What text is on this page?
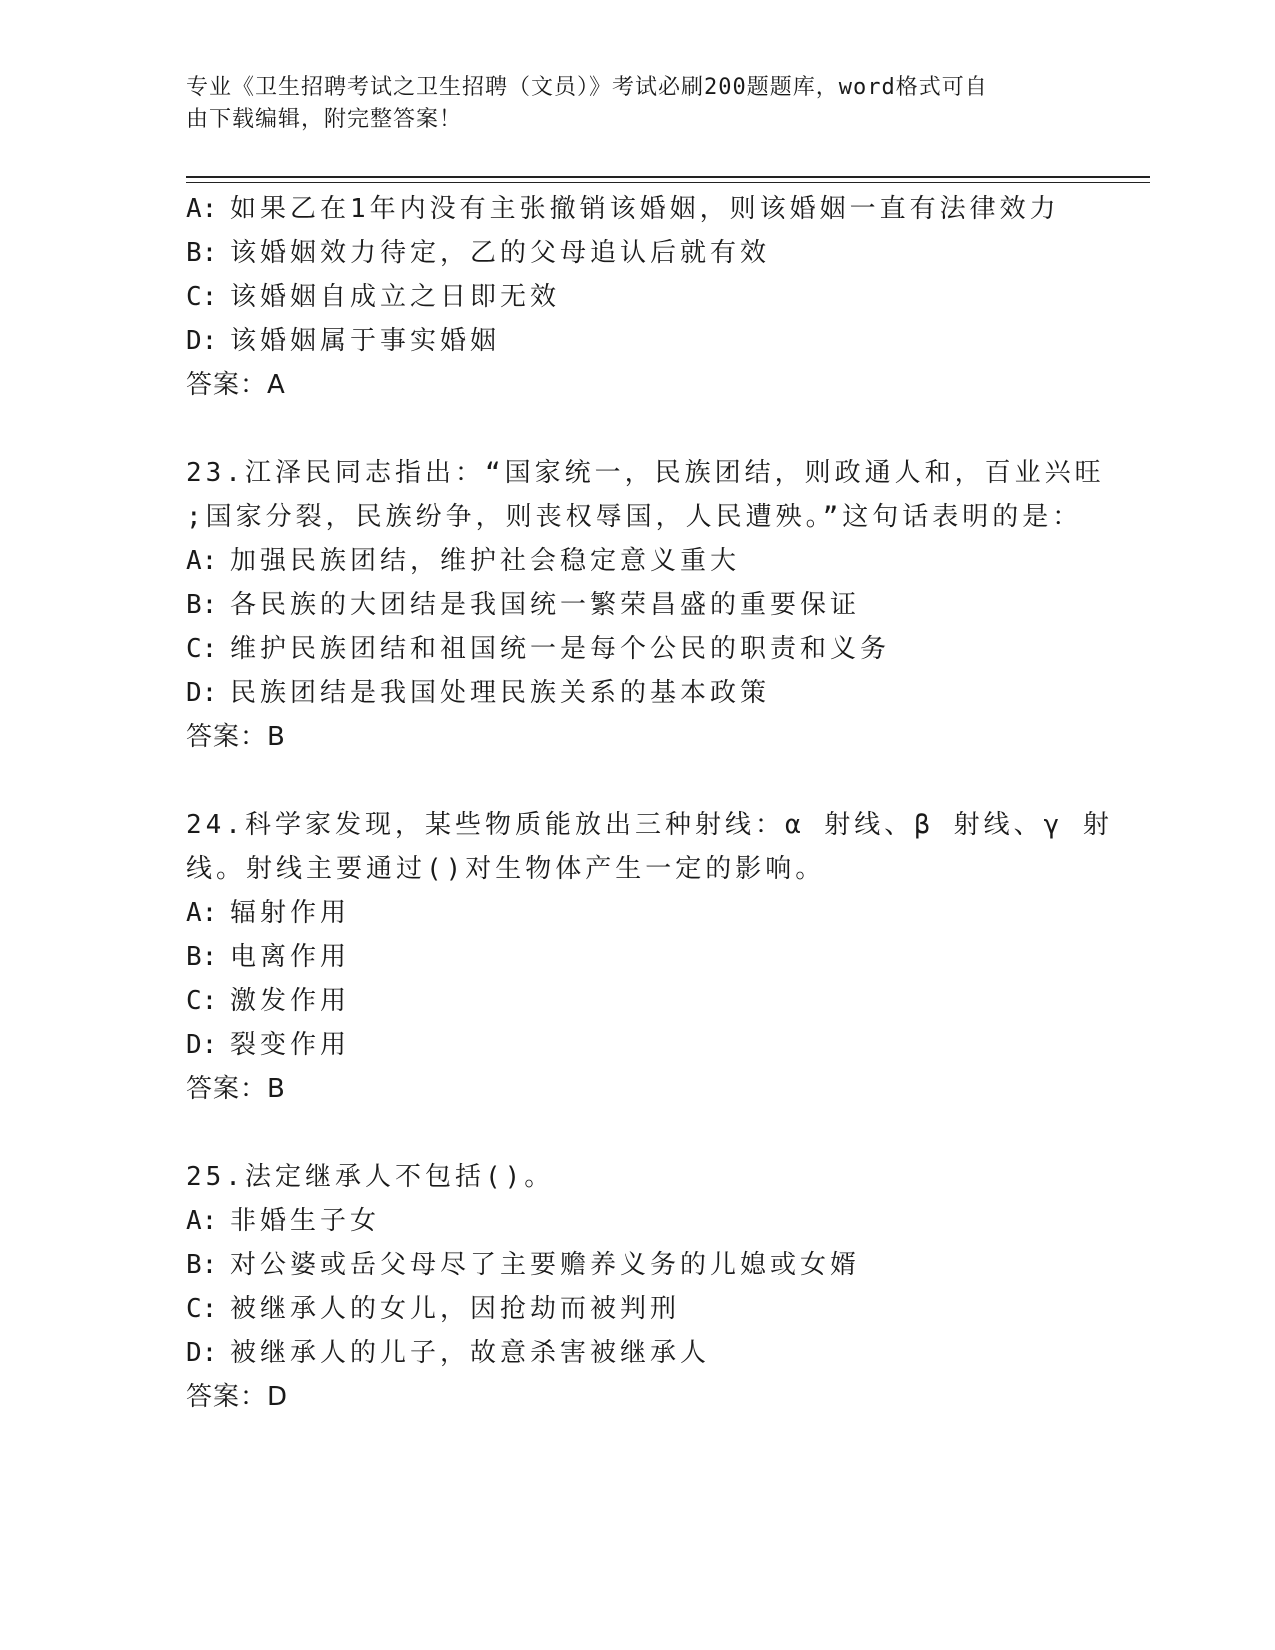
专业《卫生招聘考试之卫生招聘（文员）》考试必刷200题题库，word格式可自
由下载编辑，附完整答案！
A: 如果乙在1年内没有主张撤销该婚姻，则该婚姻一直有法律效力
B: 该婚姻效力待定，乙的父母追认后就有效
C: 该婚姻自成立之日即无效
D: 该婚姻属于事实婚姻
答案：A
23.江泽民同志指出：“国家统一，民族团结，则政通人和，百业兴旺
;国家分裂，民族纷争，则丧权辱国，人民遭殃。”这句话表明的是：
A: 加强民族团结，维护社会稳定意义重大
B: 各民族的大团结是我国统一繁荣昌盛的重要保证
C: 维护民族团结和祖国统一是每个公民的职责和义务
D: 民族团结是我国处理民族关系的基本政策
答案：B
24.科学家发现，某些物质能放出三种射线：α 射线、β 射线、γ 射
线。射线主要通过()对生物体产生一定的影响。
A: 辐射作用
B: 电离作用
C: 激发作用
D: 裂变作用
答案：B
25.法定继承人不包括()。
A: 非婚生子女
B: 对公婆或岳父母尽了主要赡养义务的儿媳或女婿
C: 被继承人的女儿，因抢劫而被判刑
D: 被继承人的儿子，故意杀害被继承人
答案：D
